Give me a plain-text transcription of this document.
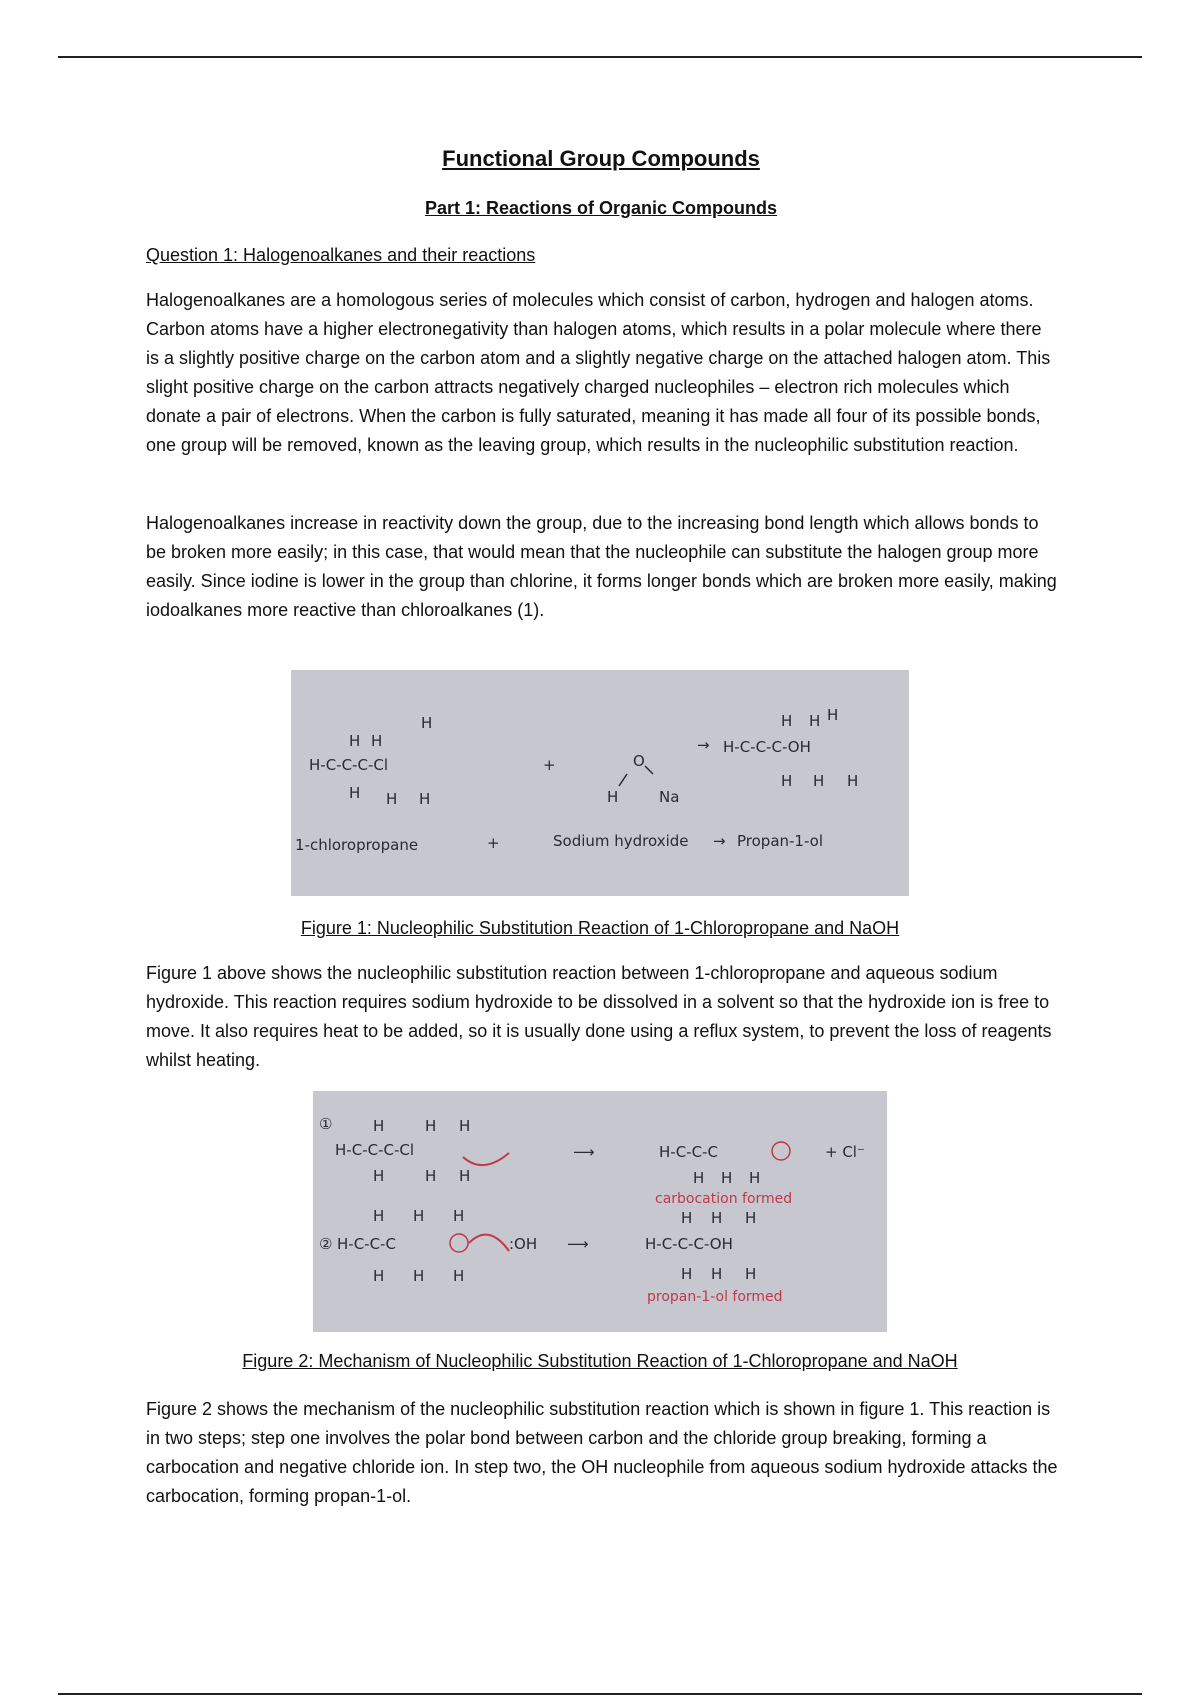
Functional Group Compounds
Part 1: Reactions of Organic Compounds
Question 1: Halogenoalkanes and their reactions

Halogenoalkanes are a homologous series of molecules which consist of carbon, hydrogen and halogen atoms. Carbon atoms have a higher electronegativity than halogen atoms, which results in a polar molecule where there is a slightly positive charge on the carbon atom and a slightly negative charge on the attached halogen atom. This slight positive charge on the carbon attracts negatively charged nucleophiles – electron rich molecules which donate a pair of electrons. When the carbon is fully saturated, meaning it has made all four of its possible bonds, one group will be removed, known as the leaving group, which results in the nucleophilic substitution reaction.

Halogenoalkanes increase in reactivity down the group, due to the increasing bond length which allows bonds to be broken more easily; in this case, that would mean that the nucleophile can substitute the halogen group more easily. Since iodine is lower in the group than chlorine, it forms longer bonds which are broken more easily, making iodoalkanes more reactive than chloroalkanes (1).

Figure 1 above shows the nucleophilic substitution reaction between 1-chloropropane and aqueous sodium hydroxide. This reaction requires sodium hydroxide to be dissolved in a solvent so that the hydroxide ion is free to move. It also requires heat to be added, so it is usually done using a reflux system, to prevent the loss of reagents whilst heating.

Figure 2 shows the mechanism of the nucleophilic substitution reaction which is shown in figure 1. This reaction is in two steps; step one involves the polar bond between carbon and the chloride group breaking, forming a carbocation and negative chloride ion. In step two, the OH nucleophile from aqueous sodium hydroxide attacks the carbocation, forming propan-1-ol.

H-C-C-C-Cl
H H
H
H H H
1-chloropropane
+
+
O
H	Na
Sodium hydroxide
→
→
H-C-C-C-OH
H H H
H H H
Propan-1-ol
Figure 1: Nucleophilic Substitution Reaction of 1-Chloropropane and NaOH
①
H-C-C-C-Cl
H	H H
H	H H
⟶	H-C-C-C	+ Cl⁻
H H H
carbocation formed
② H-C-C-C	:OH
H H H
H H H
⟶	H-C-C-C-OH
H H H
H H H
propan-1-ol formed
Figure 2: Mechanism of Nucleophilic Substitution Reaction of 1-Chloropropane and NaOH
